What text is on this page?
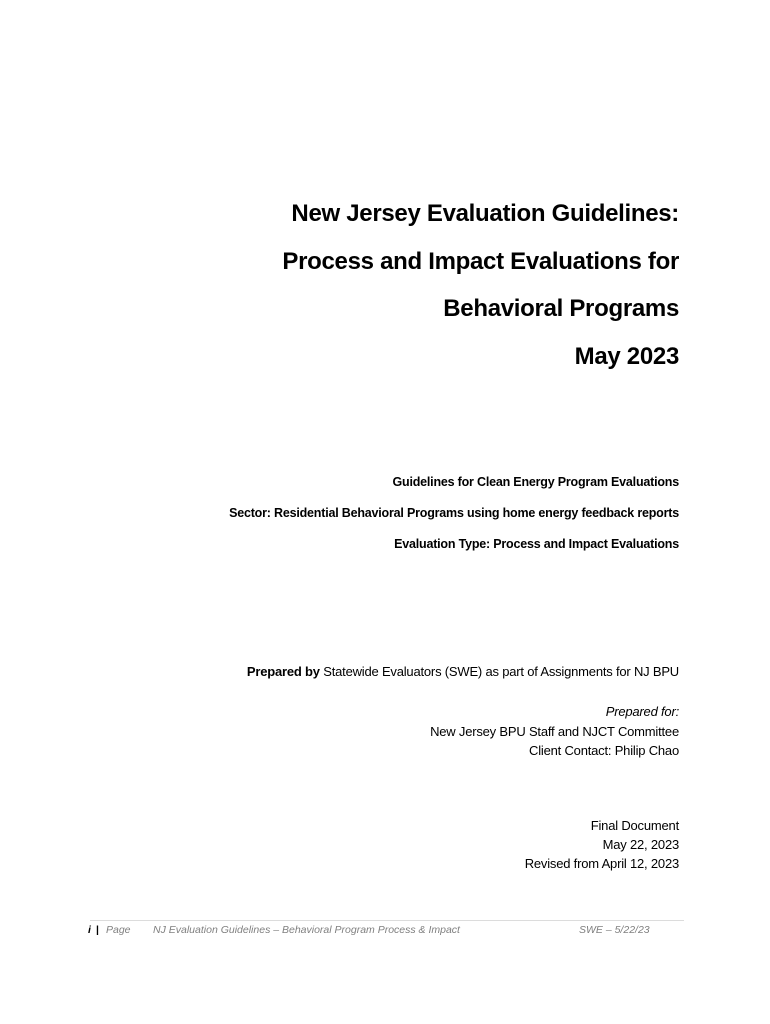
New Jersey Evaluation Guidelines:
Process and Impact Evaluations for
Behavioral Programs
May 2023
Guidelines for Clean Energy Program Evaluations
Sector: Residential Behavioral Programs using home energy feedback reports
Evaluation Type: Process and Impact Evaluations
Prepared by Statewide Evaluators (SWE) as part of Assignments for NJ BPU
Prepared for:
New Jersey BPU Staff and NJCT Committee
Client Contact: Philip Chao
Final Document
May 22, 2023
Revised from April 12, 2023
i | Page NJ Evaluation Guidelines – Behavioral Program Process & Impact	SWE – 5/22/23
